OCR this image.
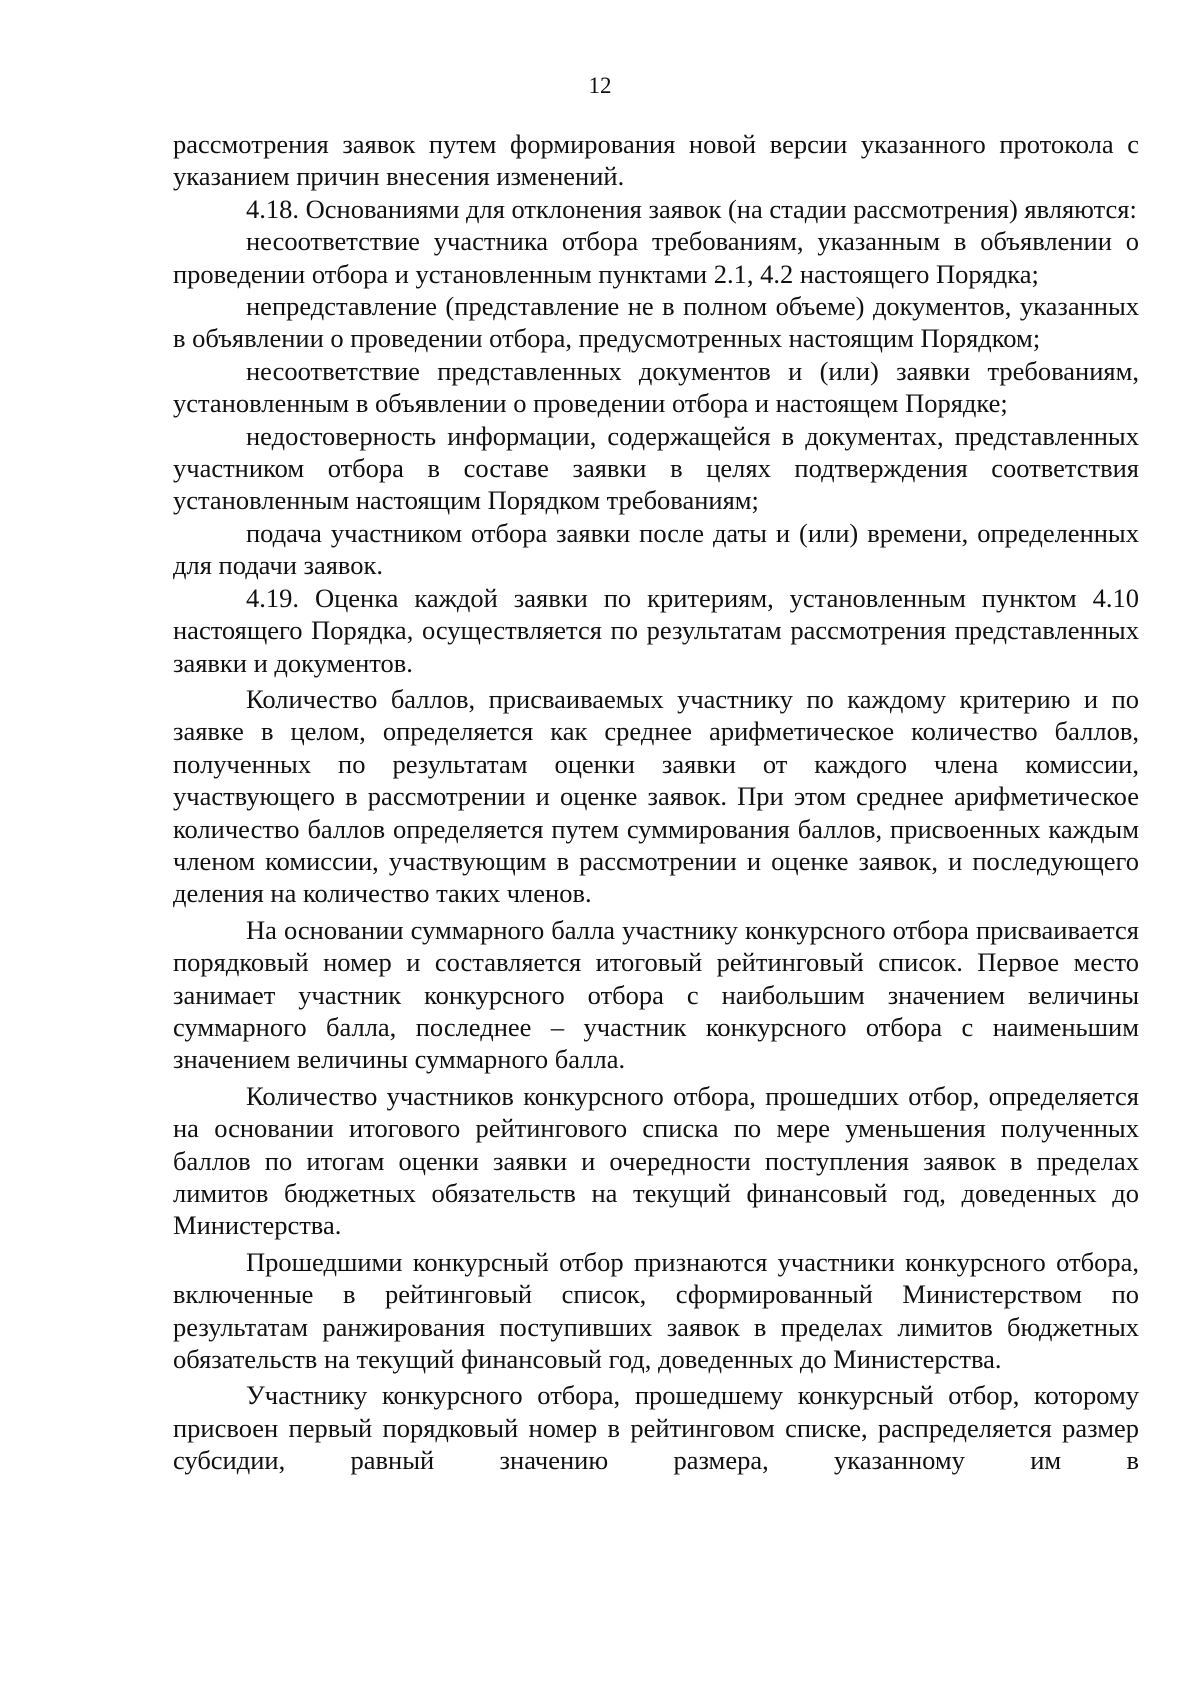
12

рассмотрения заявок путем формирования новой версии указанного протокола с указанием причин внесения изменений.

4.18. Основаниями для отклонения заявок (на стадии рассмотрения) являются:

несоответствие участника отбора требованиям, указанным в объявлении о проведении отбора и установленным пунктами 2.1, 4.2 настоящего Порядка;

непредставление (представление не в полном объеме) документов, указанных в объявлении о проведении отбора, предусмотренных настоящим Порядком;

несоответствие представленных документов и (или) заявки требованиям, установленным в объявлении о проведении отбора и настоящем Порядке;

недостоверность информации, содержащейся в документах, представленных участником отбора в составе заявки в целях подтверждения соответствия установленным настоящим Порядком требованиям;

подача участником отбора заявки после даты и (или) времени, определенных для подачи заявок.

4.19. Оценка каждой заявки по критериям, установленным пунктом 4.10 настоящего Порядка, осуществляется по результатам рассмотрения представленных заявки и документов.

Количество баллов, присваиваемых участнику по каждому критерию и по заявке в целом, определяется как среднее арифметическое количество баллов, полученных по результатам оценки заявки от каждого члена комиссии, участвующего в рассмотрении и оценке заявок. При этом среднее арифметическое количество баллов определяется путем суммирования баллов, присвоенных каждым членом комиссии, участвующим в рассмотрении и оценке заявок, и последующего деления на количество таких членов.

На основании суммарного балла участнику конкурсного отбора присваивается порядковый номер и составляется итоговый рейтинговый список. Первое место занимает участник конкурсного отбора с наибольшим значением величины суммарного балла, последнее – участник конкурсного отбора с наименьшим значением величины суммарного балла.

Количество участников конкурсного отбора, прошедших отбор, определяется на основании итогового рейтингового списка по мере уменьшения полученных баллов по итогам оценки заявки и очередности поступления заявок в пределах лимитов бюджетных обязательств на текущий финансовый год, доведенных до Министерства.

Прошедшими конкурсный отбор признаются участники конкурсного отбора, включенные в рейтинговый список, сформированный Министерством по результатам ранжирования поступивших заявок в пределах лимитов бюджетных обязательств на текущий финансовый год, доведенных до Министерства.

Участнику конкурсного отбора, прошедшему конкурсный отбор, которому присвоен первый порядковый номер в рейтинговом списке, распределяется размер субсидии, равный значению размера, указанному им в
